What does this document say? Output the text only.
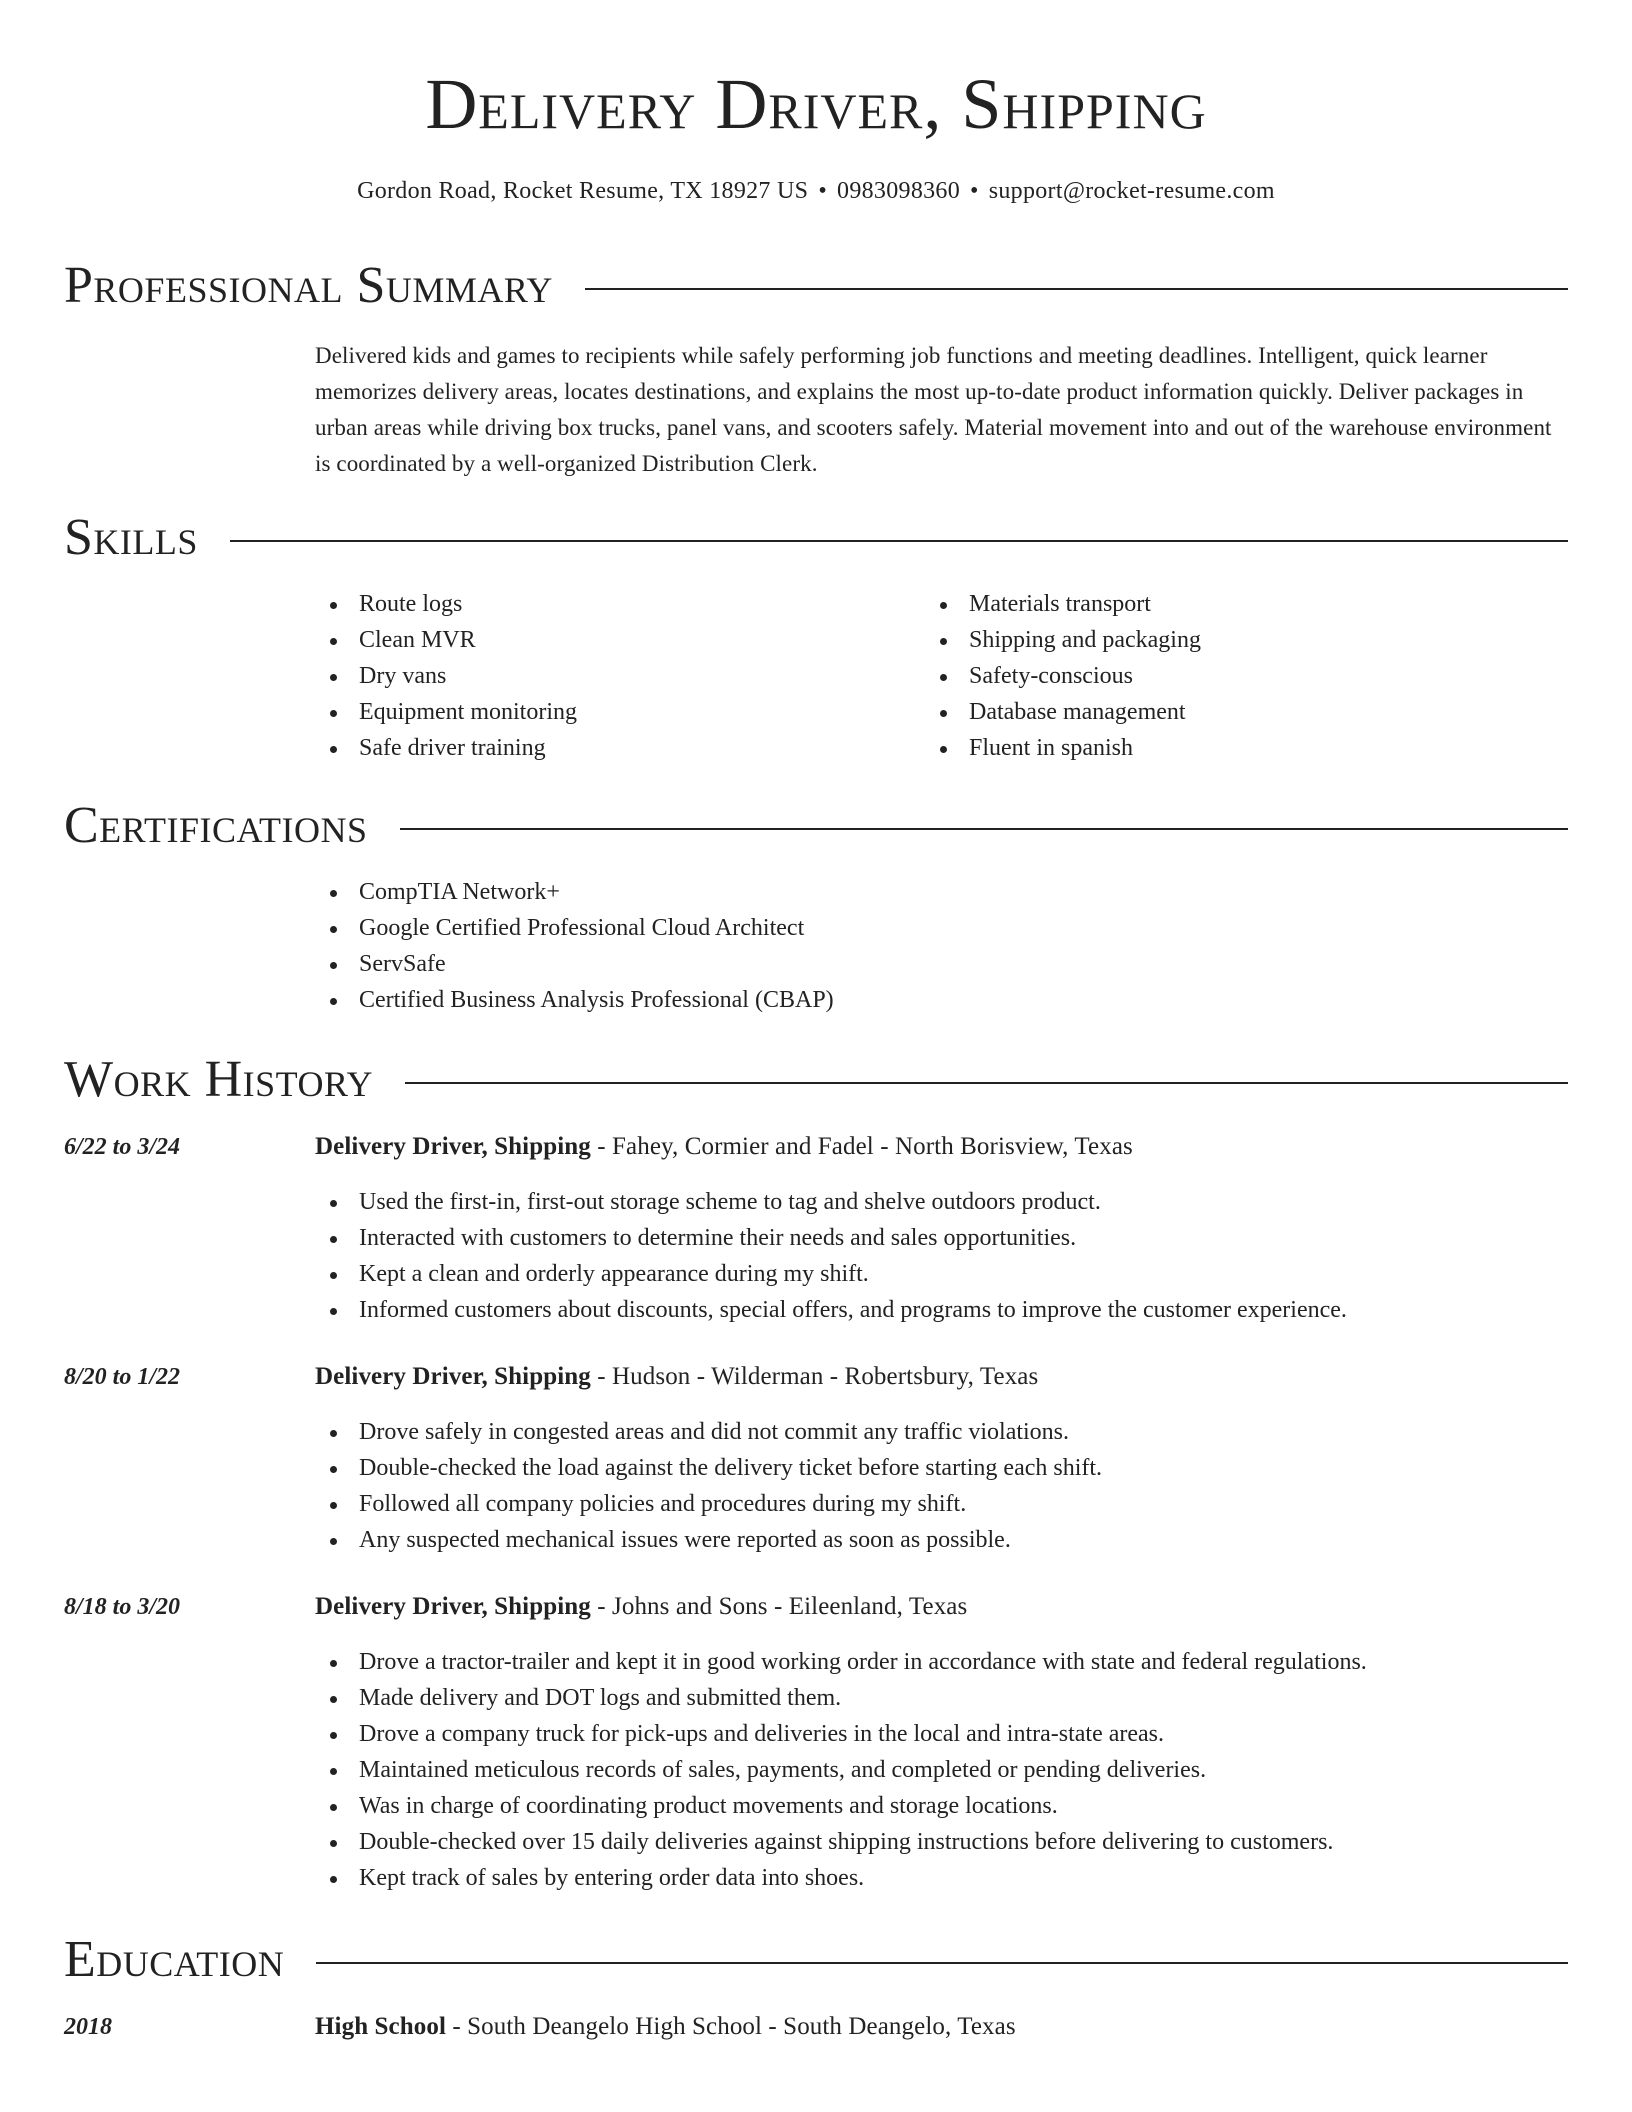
Delivery Driver, Shipping
Gordon Road, Rocket Resume, TX 18927 US • 0983098360 • support@rocket-resume.com
Professional Summary

Delivered kids and games to recipients while safely performing job functions and meeting deadlines. Intelligent, quick learner memorizes delivery areas, locates destinations, and explains the most up-to-date product information quickly. Deliver packages in urban areas while driving box trucks, panel vans, and scooters safely. Material movement into and out of the warehouse environment is coordinated by a well-organized Distribution Clerk.

Skills
Route logs
Clean MVR
Dry vans
Equipment monitoring
Safe driver training
Materials transport
Shipping and packaging
Safety-conscious
Database management
Fluent in spanish
Certifications
CompTIA Network+
Google Certified Professional Cloud Architect
ServSafe
Certified Business Analysis Professional (CBAP)
Work History
6/22 to 3/24	Delivery Driver, Shipping - Fahey, Cormier and Fadel - North Borisview, Texas
Used the first-in, first-out storage scheme to tag and shelve outdoors product.
Interacted with customers to determine their needs and sales opportunities.
Kept a clean and orderly appearance during my shift.
Informed customers about discounts, special offers, and programs to improve the customer experience.
8/20 to 1/22	Delivery Driver, Shipping - Hudson - Wilderman - Robertsbury, Texas
Drove safely in congested areas and did not commit any traffic violations.
Double-checked the load against the delivery ticket before starting each shift.
Followed all company policies and procedures during my shift.
Any suspected mechanical issues were reported as soon as possible.
8/18 to 3/20	Delivery Driver, Shipping - Johns and Sons - Eileenland, Texas
Drove a tractor-trailer and kept it in good working order in accordance with state and federal regulations.
Made delivery and DOT logs and submitted them.
Drove a company truck for pick-ups and deliveries in the local and intra-state areas.
Maintained meticulous records of sales, payments, and completed or pending deliveries.
Was in charge of coordinating product movements and storage locations.
Double-checked over 15 daily deliveries against shipping instructions before delivering to customers.
Kept track of sales by entering order data into shoes.
Education
2018	High School - South Deangelo High School - South Deangelo, Texas
